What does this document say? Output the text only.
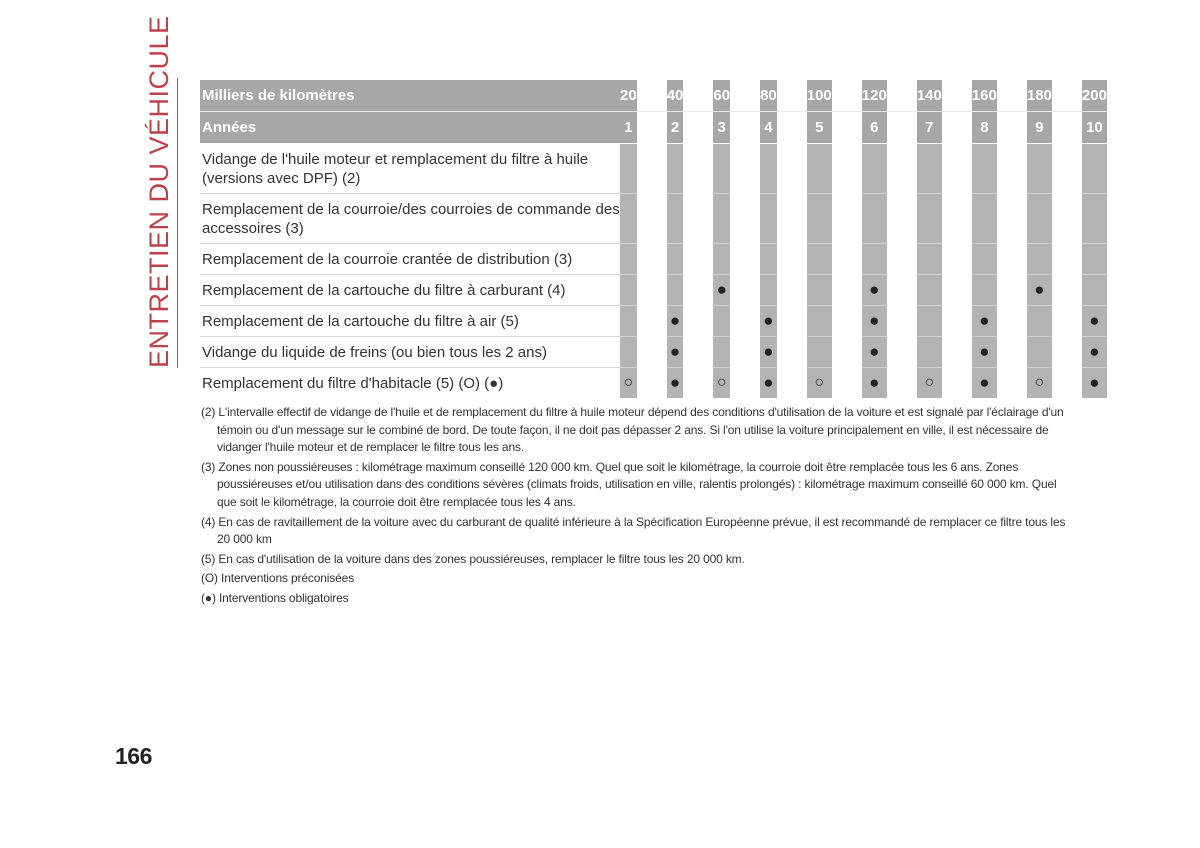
ENTRETIEN DU VÉHICULE Milliers de kilomètres	20		40		60		80		100		120		140		160		180		200
Années	1		2		3		4		5		6		7		8		9		10
Vidange de l'huile moteur et remplacement du filtre à huile (versions avec DPF) (2)																			
Remplacement de la courroie/des courroies de commande des accessoires (3)																			
Remplacement de la courroie crantée de distribution (3)																			
Remplacement de la cartouche du filtre à carburant (4)					●						●						●		
Remplacement de la cartouche du filtre à air (5)			●				●				●				●				●
Vidange du liquide de freins (ou bien tous les 2 ans)			●				●				●				●				●
Remplacement du filtre d'habitacle (5) (O) (●)	○		●		○		●		○		●		○		●		○		●
(2) L'intervalle effectif de vidange de l'huile et de remplacement du filtre à huile moteur dépend des conditions d'utilisation de la voiture et est signalé par l'éclairage d'un témoin ou d'un message sur le combiné de bord. De toute façon, il ne doit pas dépasser 2 ans. Si l'on utilise la voiture principalement en ville, il est nécessaire de vidanger l'huile moteur et de remplacer le filtre tous les ans.
(3) Zones non poussiéreuses : kilométrage maximum conseillé 120 000 km. Quel que soit le kilométrage, la courroie doit être remplacée tous les 6 ans. Zones poussiéreuses et/ou utilisation dans des conditions sévères (climats froids, utilisation en ville, ralentis prolongés) : kilométrage maximum conseillé 60 000 km. Quel que soit le kilométrage, la courroie doit être remplacée tous les 4 ans.
(4) En cas de ravitaillement de la voiture avec du carburant de qualité inférieure à la Spécification Européenne prévue, il est recommandé de remplacer ce filtre tous les 20 000 km
(5) En cas d'utilisation de la voiture dans des zones poussiéreuses, remplacer le filtre tous les 20 000 km.
(O) Interventions préconisées
(●) Interventions obligatoires
166
